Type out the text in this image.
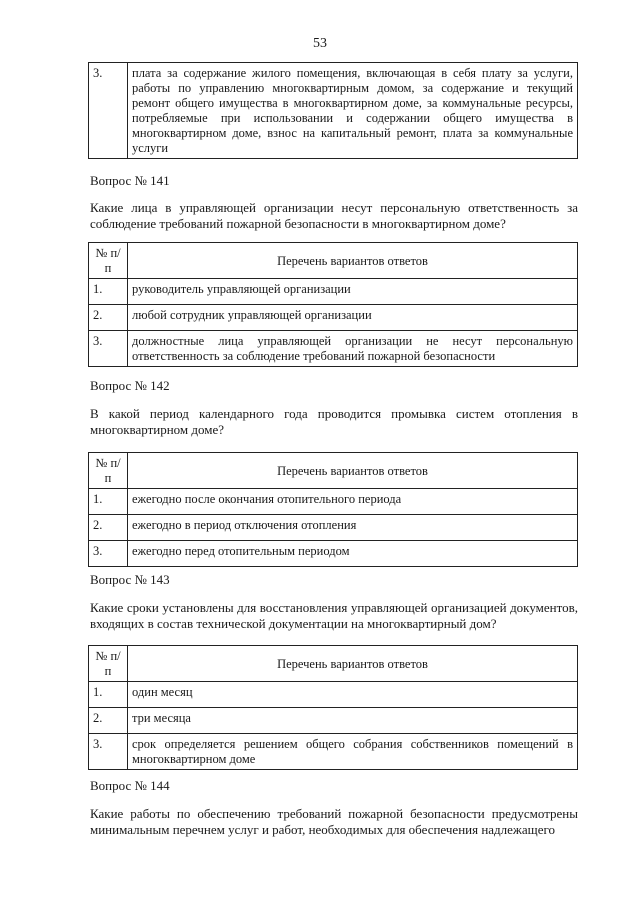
53
3.	плата за содержание жилого помещения, включающая в себя плату за услуги, работы по управлению многоквартирным домом, за содержание и текущий ремонт общего имущества в многоквартирном доме, за коммунальные ресурсы, потребляемые при использовании и содержании общего имущества в многоквартирном доме, взнос на капитальный ремонт, плата за коммунальные услуги
Вопрос № 141
Какие лица в управляющей организации несут персональную ответственность за соблюдение требований пожарной безопасности в многоквартирном доме?
№ п/п	Перечень вариантов ответов
1.	руководитель управляющей организации
2.	любой сотрудник управляющей организации
3.	должностные лица управляющей организации не несут персональную ответственность за соблюдение требований пожарной безопасности
Вопрос № 142
В какой период календарного года проводится промывка систем отопления в многоквартирном доме?
№ п/п	Перечень вариантов ответов
1.	ежегодно после окончания отопительного периода
2.	ежегодно в период отключения отопления
3.	ежегодно перед отопительным периодом
Вопрос № 143
Какие сроки установлены для восстановления управляющей организацией документов, входящих в состав технической документации на многоквартирный дом?
№ п/п	Перечень вариантов ответов
1.	один месяц
2.	три месяца
3.	срок определяется решением общего собрания собственников помещений в многоквартирном доме
Вопрос № 144
Какие работы по обеспечению требований пожарной безопасности предусмотрены минимальным перечнем услуг и работ, необходимых для обеспечения надлежащего
